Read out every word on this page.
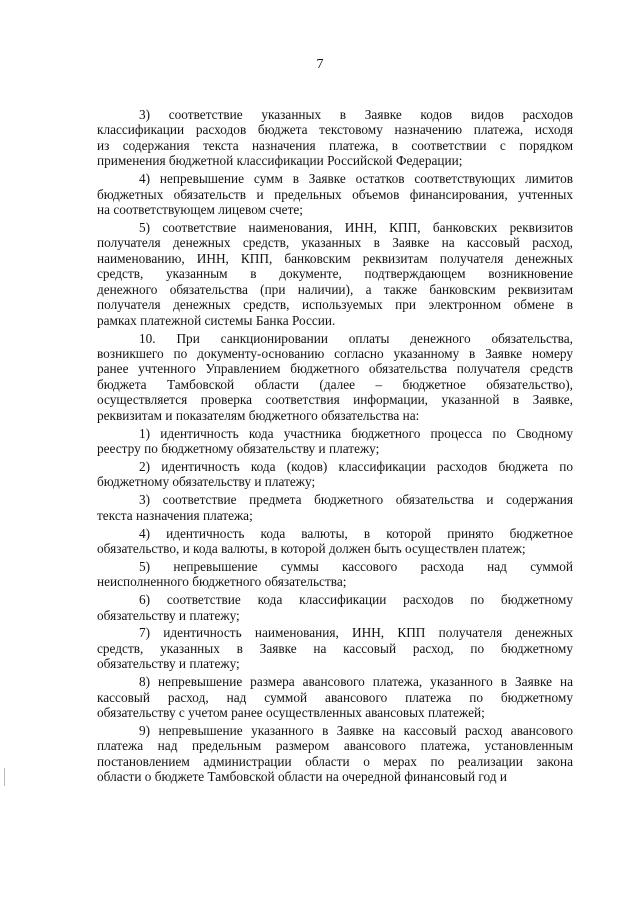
7
3) соответствие указанных в Заявке кодов видов расходов
классификации расходов бюджета текстовому назначению платежа, исходя
из содержания текста назначения платежа, в соответствии с порядком
применения бюджетной классификации Российской Федерации;
4) непревышение сумм в Заявке остатков соответствующих лимитов
бюджетных обязательств и предельных объемов финансирования, учтенных
на соответствующем лицевом счете;
5) соответствие наименования, ИНН, КПП, банковских реквизитов
получателя денежных средств, указанных в Заявке на кассовый расход,
наименованию, ИНН, КПП, банковским реквизитам получателя денежных
средств, указанным в документе, подтверждающем возникновение
денежного обязательства (при наличии), а также банковским реквизитам
получателя денежных средств, используемых при электронном обмене в
рамках платежной системы Банка России.
10. При санкционировании оплаты денежного обязательства,
возникшего по документу-основанию согласно указанному в Заявке номеру
ранее учтенного Управлением бюджетного обязательства получателя средств
бюджета Тамбовской области (далее – бюджетное обязательство),
осуществляется проверка соответствия информации, указанной в Заявке,
реквизитам и показателям бюджетного обязательства на:
1) идентичность кода участника бюджетного процесса по Сводному
реестру по бюджетному обязательству и платежу;
2) идентичность кода (кодов) классификации расходов бюджета по
бюджетному обязательству и платежу;
3) соответствие предмета бюджетного обязательства и содержания
текста назначения платежа;
4) идентичность кода валюты, в которой принято бюджетное
обязательство, и кода валюты, в которой должен быть осуществлен платеж;
5) непревышение суммы кассового расхода над суммой
неисполненного бюджетного обязательства;
6) соответствие кода классификации расходов по бюджетному
обязательству и платежу;
7) идентичность наименования, ИНН, КПП получателя денежных
средств, указанных в Заявке на кассовый расход, по бюджетному
обязательству и платежу;
8) непревышение размера авансового платежа, указанного в Заявке на
кассовый расход, над суммой авансового платежа по бюджетному
обязательству с учетом ранее осуществленных авансовых платежей;
9) непревышение указанного в Заявке на кассовый расход авансового
платежа над предельным размером авансового платежа, установленным
постановлением администрации области о мерах по реализации закона
области о бюджете Тамбовской области на очередной финансовый год и
